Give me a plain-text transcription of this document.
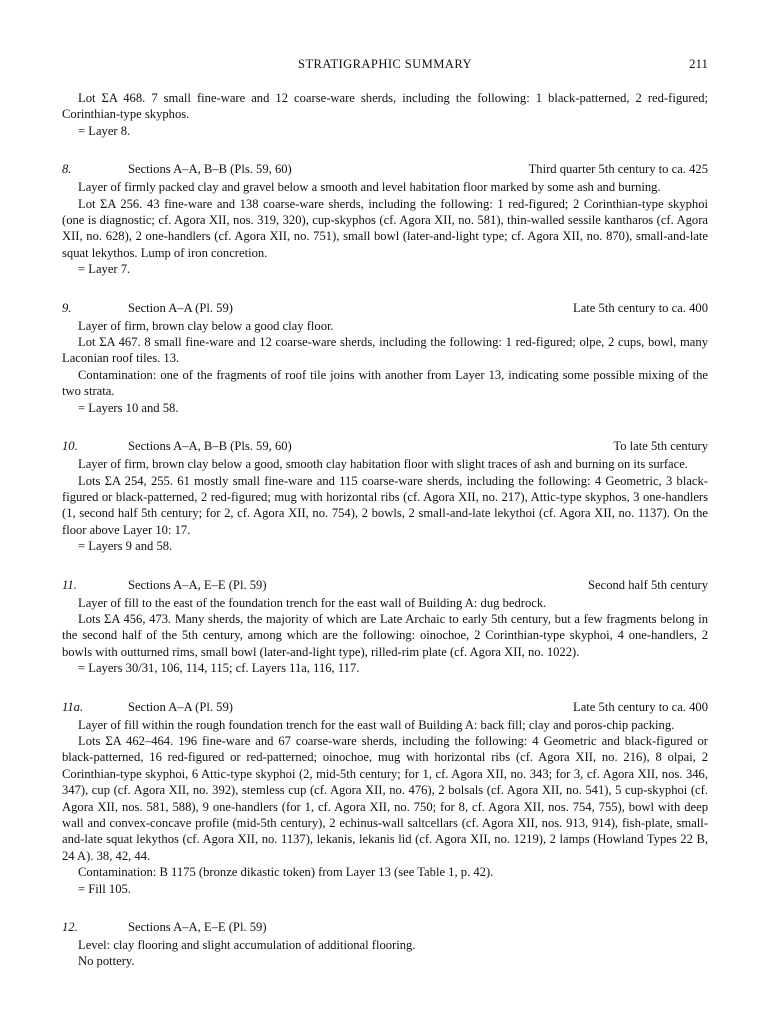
STRATIGRAPHIC SUMMARY	211

Lot ΣA 468. 7 small fine-ware and 12 coarse-ware sherds, including the following: 1 black-patterned, 2 red-figured; Corinthian-type skyphos.

= Layer 8.

8.	Sections A–A, B–B (Pls. 59, 60)	Third quarter 5th century to ca. 425

Layer of firmly packed clay and gravel below a smooth and level habitation floor marked by some ash and burning.

Lot ΣA 256. 43 fine-ware and 138 coarse-ware sherds, including the following: 1 red-figured; 2 Corinthian-type skyphoi (one is diagnostic; cf. Agora XII, nos. 319, 320), cup-skyphos (cf. Agora XII, no. 581), thin-walled sessile kantharos (cf. Agora XII, no. 628), 2 one-handlers (cf. Agora XII, no. 751), small bowl (later-and-light type; cf. Agora XII, no. 870), small-and-late squat lekythos. Lump of iron concretion.

= Layer 7.

9.	Section A–A (Pl. 59)	Late 5th century to ca. 400

Layer of firm, brown clay below a good clay floor.

Lot ΣA 467. 8 small fine-ware and 12 coarse-ware sherds, including the following: 1 red-figured; olpe, 2 cups, bowl, many Laconian roof tiles. 13.

Contamination: one of the fragments of roof tile joins with another from Layer 13, indicating some possible mixing of the two strata.

= Layers 10 and 58.

10.	Sections A–A, B–B (Pls. 59, 60)	To late 5th century

Layer of firm, brown clay below a good, smooth clay habitation floor with slight traces of ash and burning on its surface.

Lots ΣA 254, 255. 61 mostly small fine-ware and 115 coarse-ware sherds, including the following: 4 Geometric, 3 black-figured or black-patterned, 2 red-figured; mug with horizontal ribs (cf. Agora XII, no. 217), Attic-type skyphos, 3 one-handlers (1, second half 5th century; for 2, cf. Agora XII, no. 754), 2 bowls, 2 small-and-late lekythoi (cf. Agora XII, no. 1137). On the floor above Layer 10: 17.

= Layers 9 and 58.

11.	Sections A–A, E–E (Pl. 59)	Second half 5th century

Layer of fill to the east of the foundation trench for the east wall of Building A: dug bedrock.

Lots ΣA 456, 473. Many sherds, the majority of which are Late Archaic to early 5th century, but a few fragments belong in the second half of the 5th century, among which are the following: oinochoe, 2 Corinthian-type skyphoi, 4 one-handlers, 2 bowls with outturned rims, small bowl (later-and-light type), rilled-rim plate (cf. Agora XII, no. 1022).

= Layers 30/31, 106, 114, 115; cf. Layers 11a, 116, 117.

11a.	Section A–A (Pl. 59)	Late 5th century to ca. 400

Layer of fill within the rough foundation trench for the east wall of Building A: back fill; clay and poros-chip packing.

Lots ΣA 462–464. 196 fine-ware and 67 coarse-ware sherds, including the following: 4 Geometric and black-figured or black-patterned, 16 red-figured or red-patterned; oinochoe, mug with horizontal ribs (cf. Agora XII, no. 216), 8 olpai, 2 Corinthian-type skyphoi, 6 Attic-type skyphoi (2, mid-5th century; for 1, cf. Agora XII, no. 343; for 3, cf. Agora XII, nos. 346, 347), cup (cf. Agora XII, no. 392), stemless cup (cf. Agora XII, no. 476), 2 bolsals (cf. Agora XII, no. 541), 5 cup-skyphoi (cf. Agora XII, nos. 581, 588), 9 one-handlers (for 1, cf. Agora XII, no. 750; for 8, cf. Agora XII, nos. 754, 755), bowl with deep wall and convex-concave profile (mid-5th century), 2 echinus-wall saltcellars (cf. Agora XII, nos. 913, 914), fish-plate, small-and-late squat lekythos (cf. Agora XII, no. 1137), lekanis, lekanis lid (cf. Agora XII, no. 1219), 2 lamps (Howland Types 22 B, 24 A). 38, 42, 44.

Contamination: B 1175 (bronze dikastic token) from Layer 13 (see Table 1, p. 42).

= Fill 105.

12.	Sections A–A, E–E (Pl. 59)

Level: clay flooring and slight accumulation of additional flooring.

No pottery.
